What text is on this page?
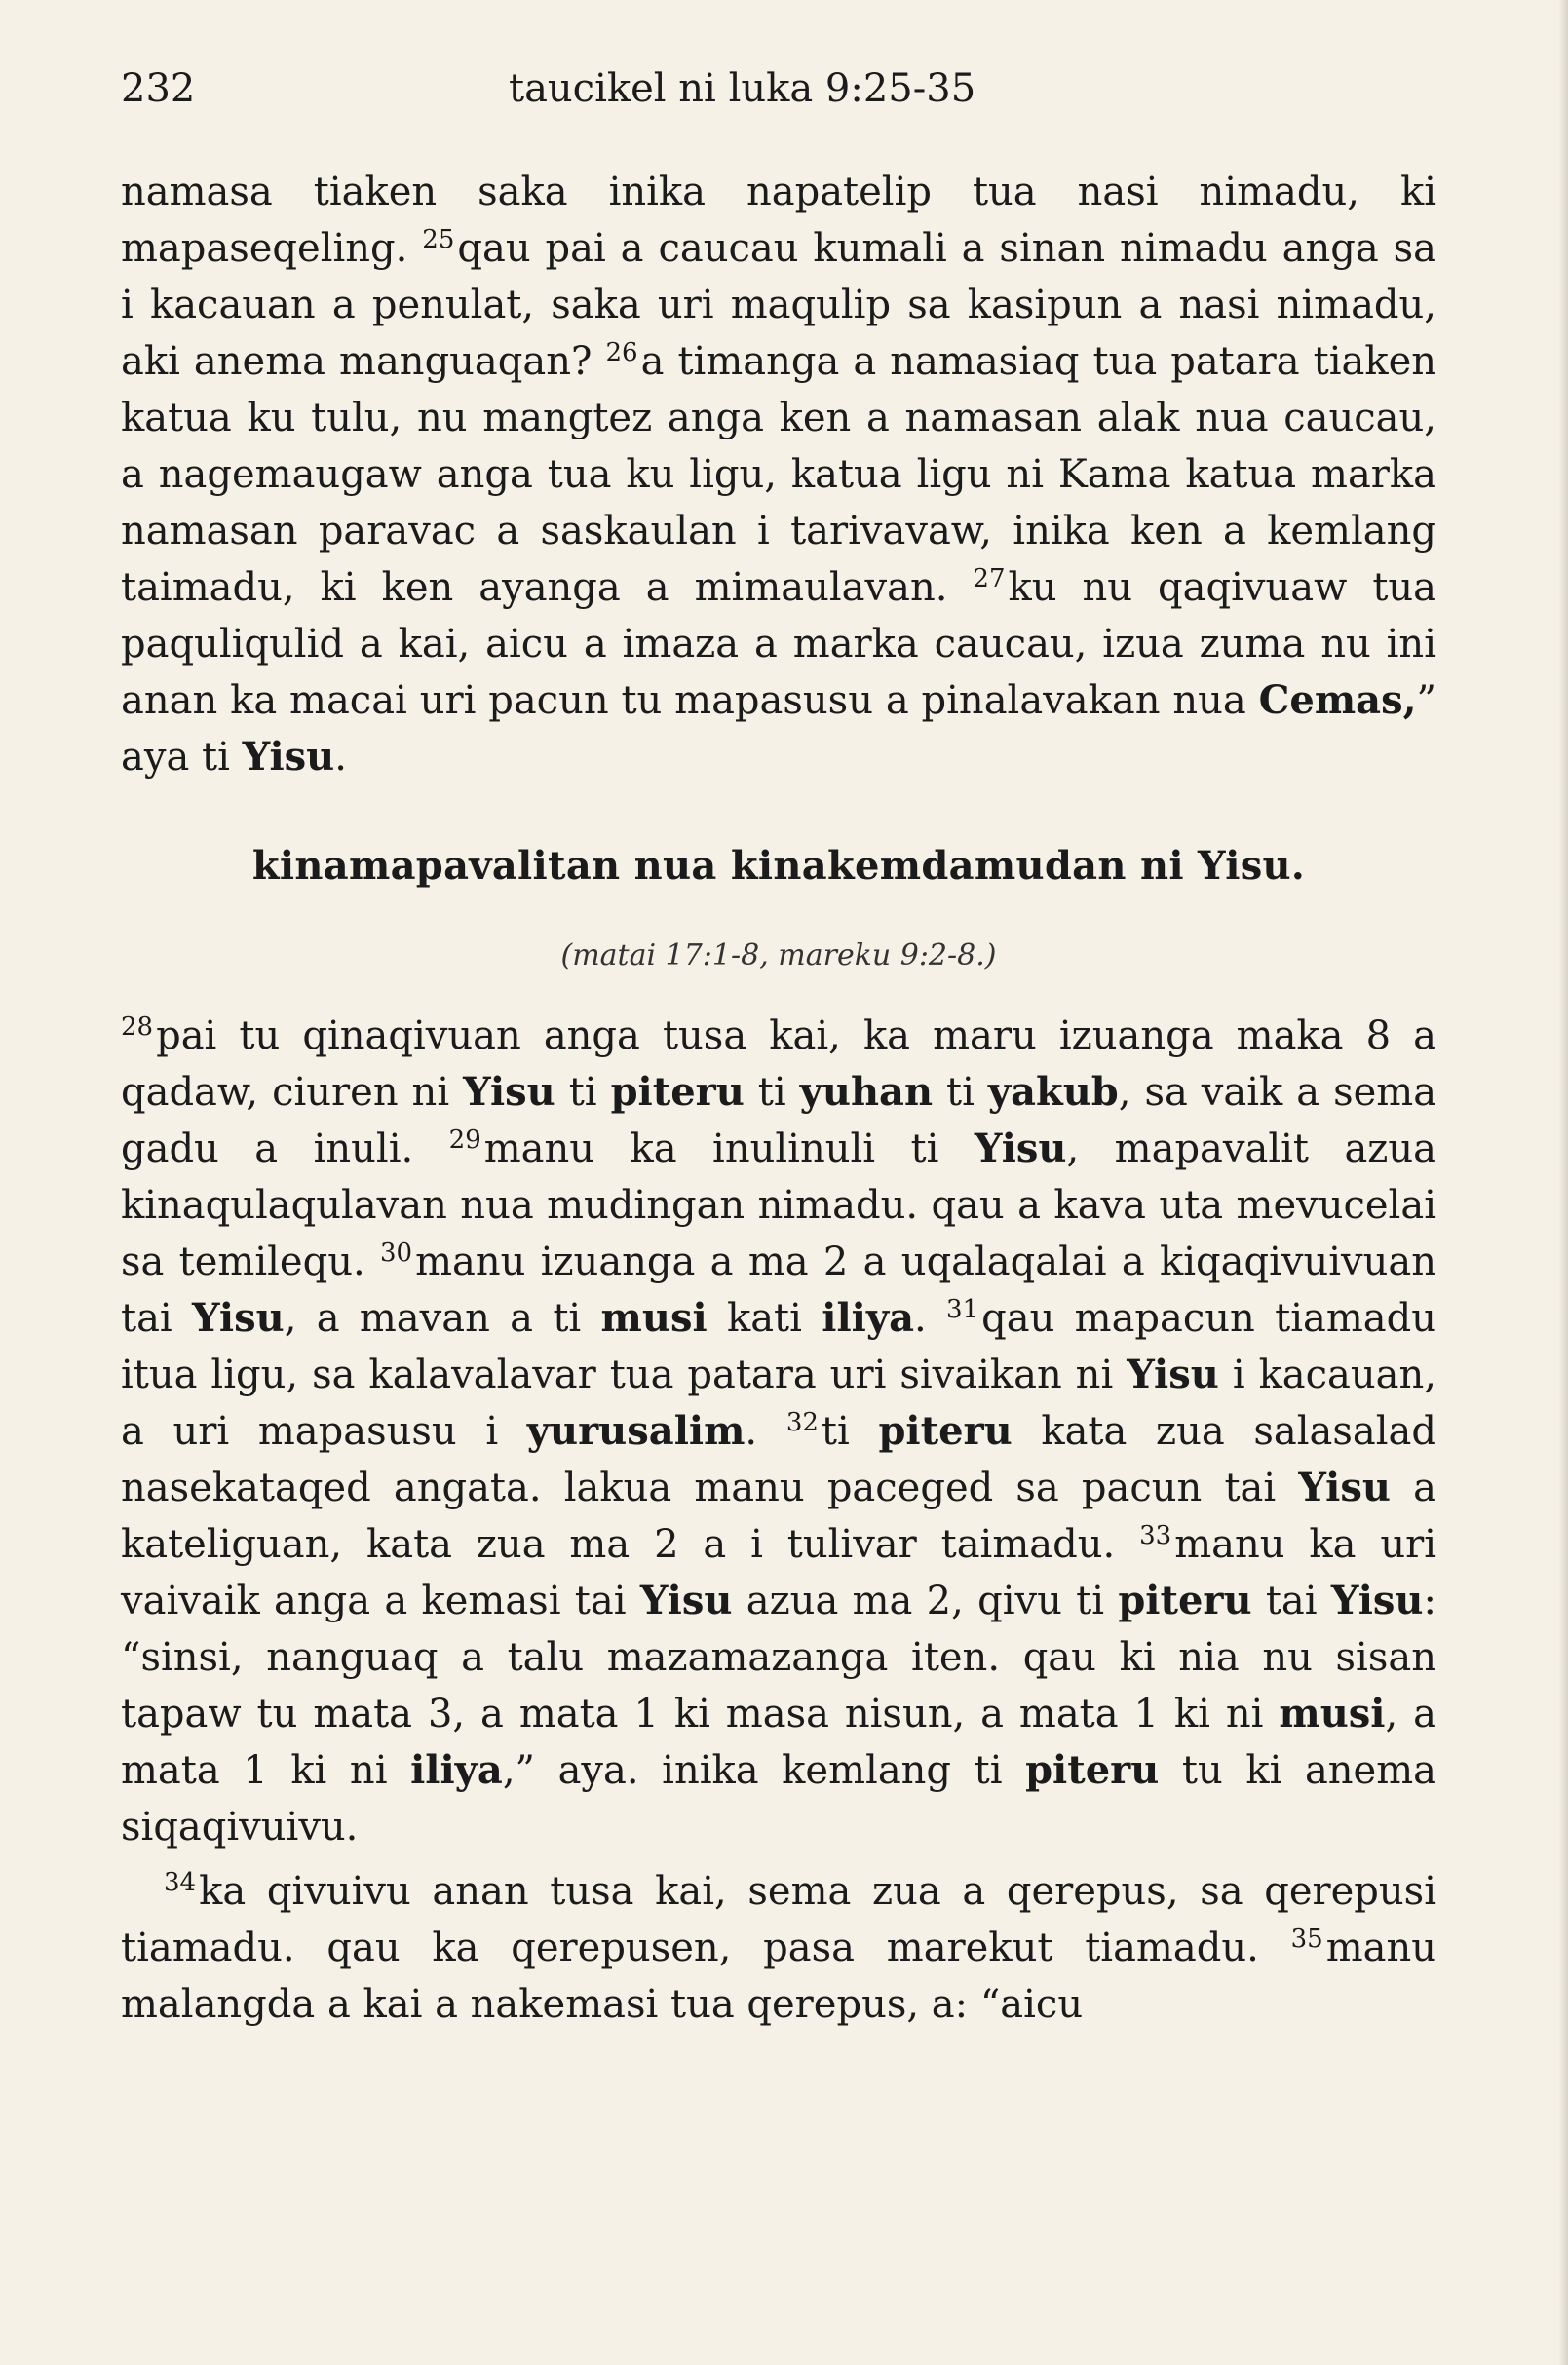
232	taucikel ni luka 9:25-35

namasa tiaken saka inika napatelip tua nasi nimadu, ki mapaseqeling. $^{25}$qau pai a caucau kumali a sinan nimadu anga sa i kacauan a penulat, saka uri maqulip sa kasipun a nasi nimadu, aki anema manguaqan? $^{26}$a timanga a namasiaq tua patara tiaken katua ku tulu, nu mangtez anga ken a namasan alak nua caucau, a nagemaugaw anga tua ku ligu, katua ligu ni Kama katua marka namasan paravac a saskaulan i tarivavaw, inika ken a kemlang taimadu, ki ken ayanga a mimaulavan. $^{27}$ku nu qaqivuaw tua paquliqulid a kai, aicu a imaza a marka caucau, izua zuma nu ini anan ka macai uri pacun tu mapasusu a pinalavakan nua Cemas,” aya ti Yisu.

kinamapavalitan nua kinakemdamudan ni Yisu.
(matai 17:1-8, mareku 9:2-8.)

$^{28}$pai tu qinaqivuan anga tusa kai, ka maru izuanga maka 8 a qadaw, ciuren ni Yisu ti piteru ti yuhan ti yakub, sa vaik a sema gadu a inuli. $^{29}$manu ka inulinuli ti Yisu, mapavalit azua kinaqulaqulavan nua mudingan nimadu. qau a kava uta mevucelai sa temilequ. $^{30}$manu izuanga a ma 2 a uqalaqalai a kiqaqivuivuan tai Yisu, a mavan a ti musi kati iliya. $^{31}$qau mapacun tiamadu itua ligu, sa kalavalavar tua patara uri sivaikan ni Yisu i kacauan, a uri mapasusu i yurusalim. $^{32}$ti piteru kata zua salasalad nasekataqed angata. lakua manu paceged sa pacun tai Yisu a kateliguan, kata zua ma 2 a i tulivar taimadu. $^{33}$manu ka uri vaivaik anga a kemasi tai Yisu azua ma 2, qivu ti piteru tai Yisu: “sinsi, nanguaq a talu mazamazanga iten. qau ki nia nu sisan tapaw tu mata 3, a mata 1 ki masa nisun, a mata 1 ki ni musi, a mata 1 ki ni iliya,” aya. inika kemlang ti piteru tu ki anema siqaqivuivu.

$^{34}$ka qivuivu anan tusa kai, sema zua a qerepus, sa qerepusi tiamadu. qau ka qerepusen, pasa marekut tiamadu. $^{35}$manu malangda a kai a nakemasi tua qerepus, a: “aicu
